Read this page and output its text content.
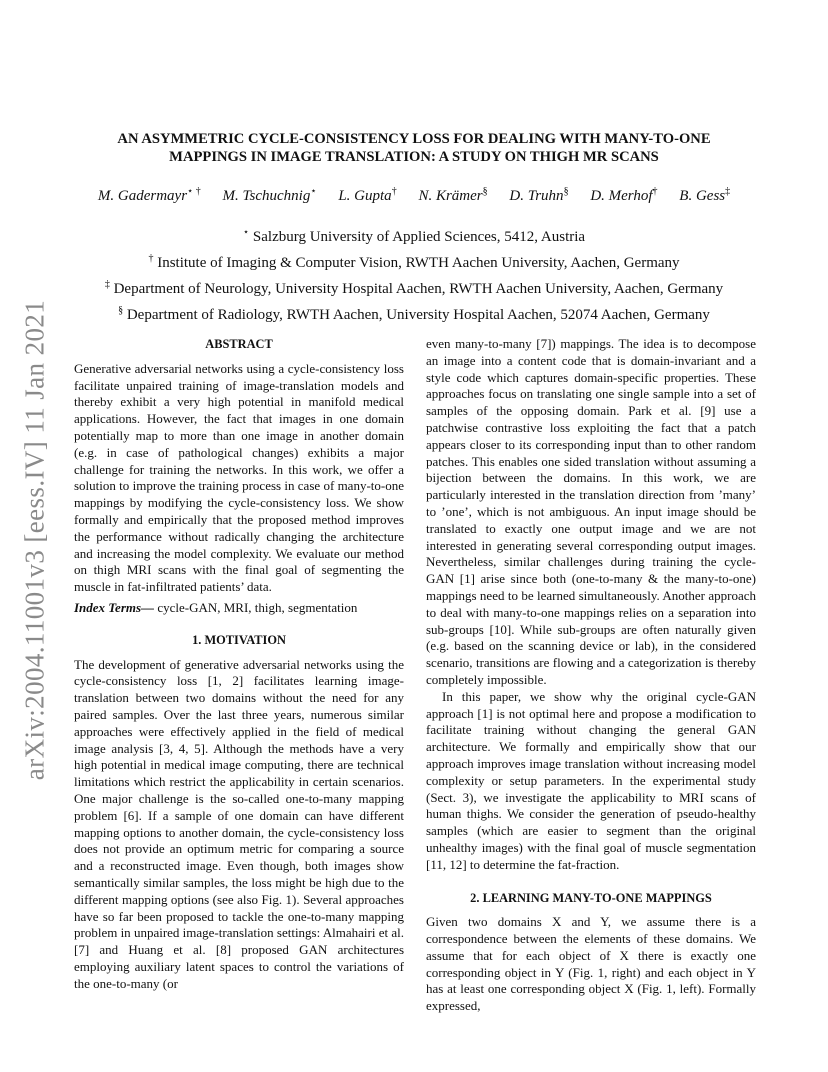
arXiv:2004.11001v3 [eess.IV] 11 Jan 2021
AN ASYMMETRIC CYCLE-CONSISTENCY LOSS FOR DEALING WITH MANY-TO-ONE
MAPPINGS IN IMAGE TRANSLATION: A STUDY ON THIGH MR SCANS
M. Gadermayr⋆ † M. Tschuchnig⋆ L. Gupta† N. Krämer§ D. Truhn§ D. Merhof† B. Gess‡
⋆ Salzburg University of Applied Sciences, 5412, Austria
† Institute of Imaging & Computer Vision, RWTH Aachen University, Aachen, Germany
‡ Department of Neurology, University Hospital Aachen, RWTH Aachen University, Aachen, Germany
§ Department of Radiology, RWTH Aachen, University Hospital Aachen, 52074 Aachen, Germany
ABSTRACT

Generative adversarial networks using a cycle-consistency loss facilitate unpaired training of image-translation models and thereby exhibit a very high potential in manifold medical applications. However, the fact that images in one domain potentially map to more than one image in another domain (e.g. in case of pathological changes) exhibits a major challenge for training the networks. In this work, we offer a solution to improve the training process in case of many-to-one mappings by modifying the cycle-consistency loss. We show formally and empirically that the proposed method improves the performance without radically changing the architecture and increasing the model complexity. We evaluate our method on thigh MRI scans with the final goal of segmenting the muscle in fat-infiltrated patients’ data.

Index Terms— cycle-GAN, MRI, thigh, segmentation

1. MOTIVATION

The development of generative adversarial networks using the cycle-consistency loss [1, 2] facilitates learning image-translation between two domains without the need for any paired samples. Over the last three years, numerous similar approaches were effectively applied in the field of medical image analysis [3, 4, 5]. Although the methods have a very high potential in medical image computing, there are technical limitations which restrict the applicability in certain scenarios. One major challenge is the so-called one-to-many mapping problem [6]. If a sample of one domain can have different mapping options to another domain, the cycle-consistency loss does not provide an optimum metric for comparing a source and a reconstructed image. Even though, both images show semantically similar samples, the loss might be high due to the different mapping options (see also Fig. 1). Several approaches have so far been proposed to tackle the one-to-many mapping problem in unpaired image-translation settings: Almahairi et al. [7] and Huang et al. [8] proposed GAN architectures employing auxiliary latent spaces to control the variations of the one-to-many (or

even many-to-many [7]) mappings. The idea is to decompose an image into a content code that is domain-invariant and a style code which captures domain-specific properties. These approaches focus on translating one single sample into a set of samples of the opposing domain. Park et al. [9] use a patchwise contrastive loss exploiting the fact that a patch appears closer to its corresponding input than to other random patches. This enables one sided translation without assuming a bijection between the domains. In this work, we are particularly interested in the translation direction from ’many’ to ’one’, which is not ambiguous. An input image should be translated to exactly one output image and we are not interested in generating several corresponding output images. Nevertheless, similar challenges during training the cycle-GAN [1] arise since both (one-to-many & the many-to-one) mappings need to be learned simultaneously. Another approach to deal with many-to-one mappings relies on a separation into sub-groups [10]. While sub-groups are often naturally given (e.g. based on the scanning device or lab), in the considered scenario, transitions are flowing and a categorization is thereby completely impossible.

In this paper, we show why the original cycle-GAN approach [1] is not optimal here and propose a modification to facilitate training without changing the general GAN architecture. We formally and empirically show that our approach improves image translation without increasing model complexity or setup parameters. In the experimental study (Sect. 3), we investigate the applicability to MRI scans of human thighs. We consider the generation of pseudo-healthy samples (which are easier to segment than the original unhealthy images) with the final goal of muscle segmentation [11, 12] to determine the fat-fraction.

2. LEARNING MANY-TO-ONE MAPPINGS

Given two domains X and Y, we assume there is a correspondence between the elements of these domains. We assume that for each object of X there is exactly one corresponding object in Y (Fig. 1, right) and each object in Y has at least one corresponding object X (Fig. 1, left). Formally expressed,
